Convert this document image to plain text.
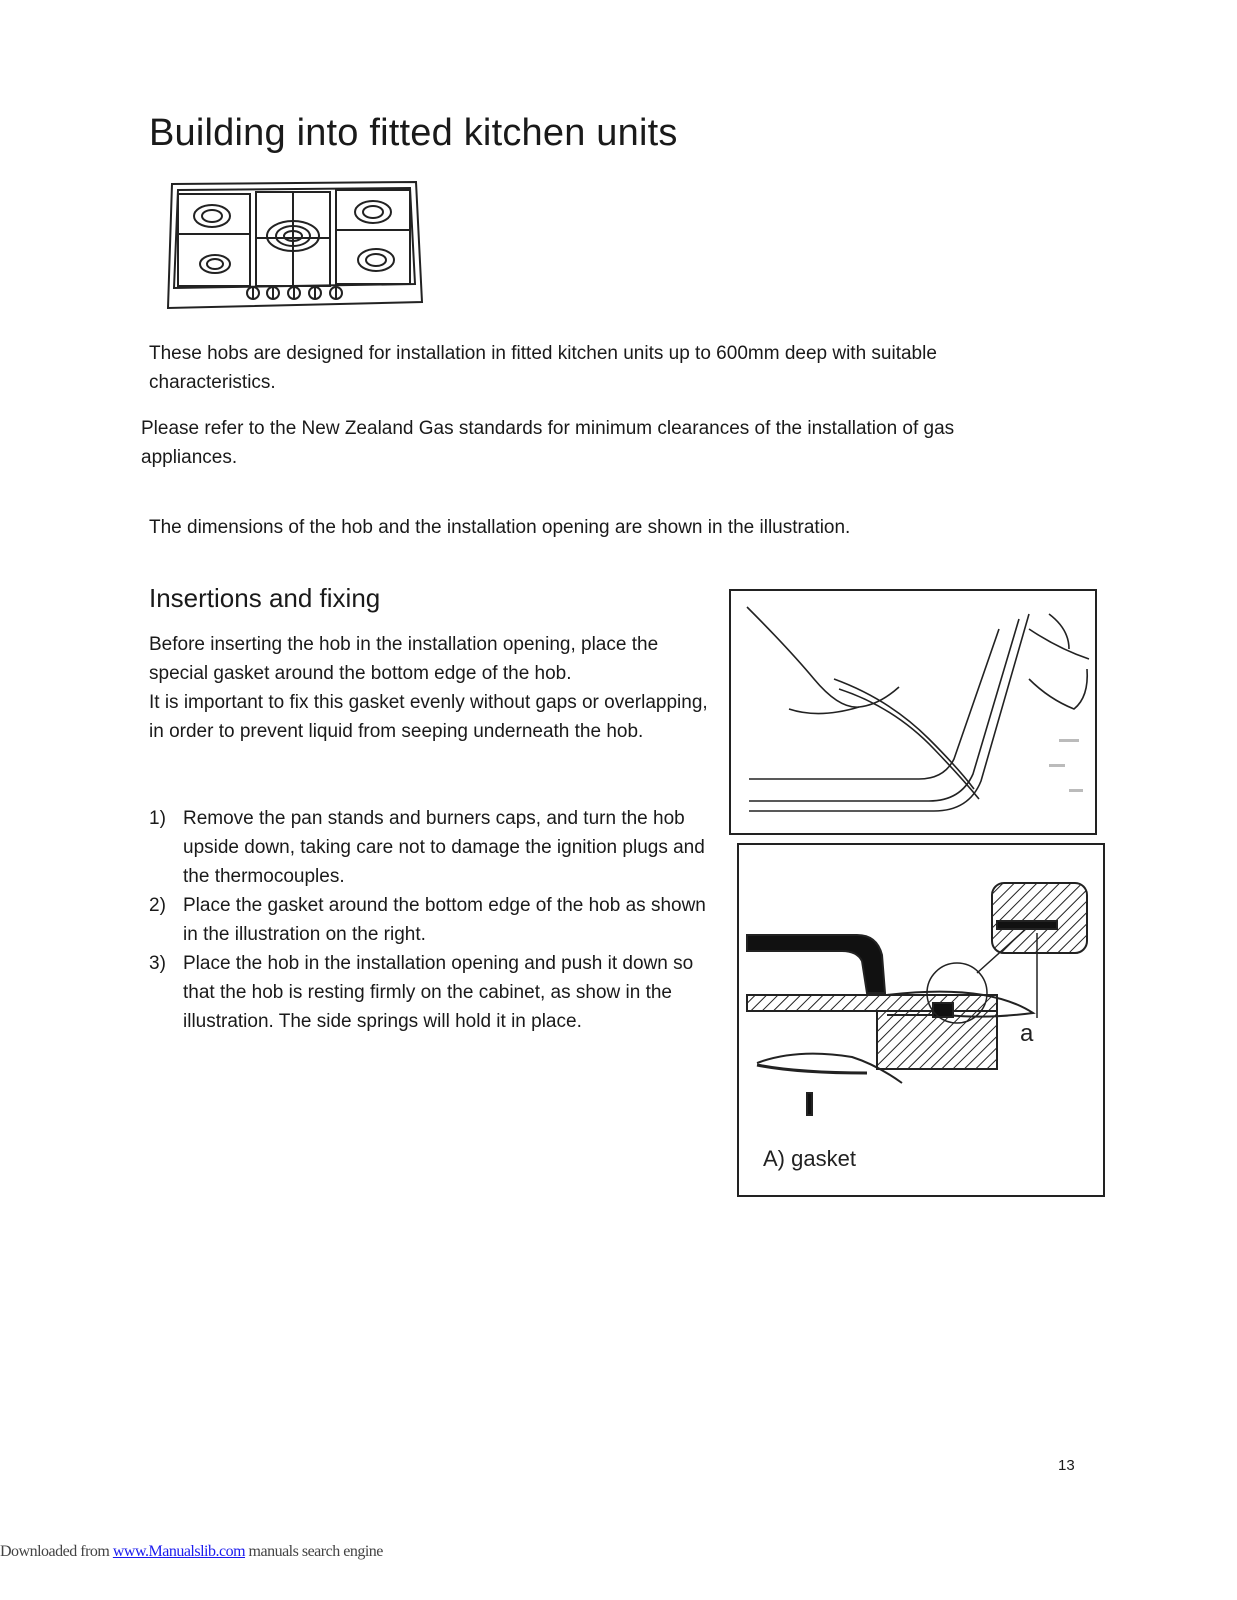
Building into fitted kitchen units

These hobs are designed for installation in fitted kitchen units up to 600mm deep with suitable characteristics.

Please refer to the New Zealand Gas standards for minimum clearances of the installation of gas appliances.

The dimensions of the hob and the installation opening are shown in the illustration.

Insertions and fixing
Before inserting the hob in the installation opening, place the special gasket around the bottom edge of the hob.
It is important to fix this gasket evenly without gaps or overlapping, in order to prevent liquid from seeping underneath the hob.
1) Remove the pan stands and burners caps, and turn the hob upside down, taking care not to damage the ignition plugs and the thermocouples.
2) Place the gasket around the bottom edge of the hob as shown in the illustration on the right.
3) Place the hob in the installation opening and push it down so that the hob is resting firmly on the cabinet, as show in the illustration. The side springs will hold it in place.	a
A) gasket
13
Downloaded from www.Manualslib.com manuals search engine
